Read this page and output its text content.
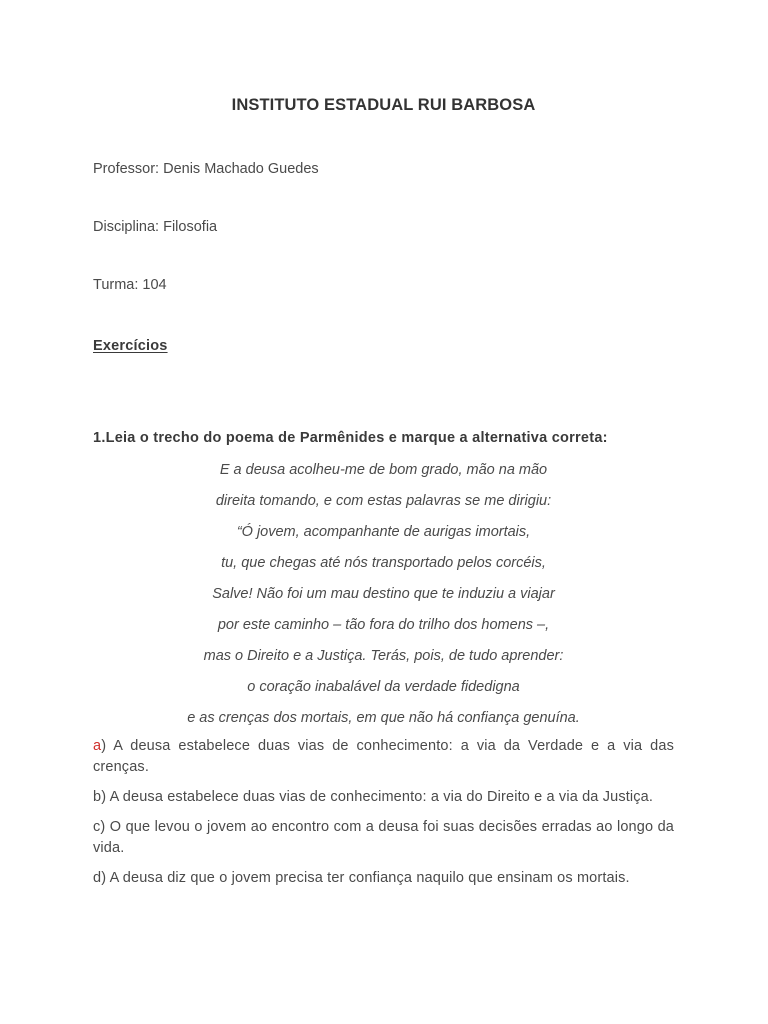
INSTITUTO ESTADUAL RUI BARBOSA
Professor: Denis Machado Guedes
Disciplina: Filosofia
Turma: 104
Exercícios
1.Leia o trecho do poema de Parmênides e marque a alternativa correta:
E a deusa acolheu-me de bom grado, mão na mão
direita tomando, e com estas palavras se me dirigiu:
“Ó jovem, acompanhante de aurigas imortais,
tu, que chegas até nós transportado pelos corcéis,
Salve! Não foi um mau destino que te induziu a viajar
por este caminho – tão fora do trilho dos homens –,
mas o Direito e a Justiça. Terás, pois, de tudo aprender:
o coração inabalável da verdade fidedigna
e as crenças dos mortais, em que não há confiança genuína.
a) A deusa estabelece duas vias de conhecimento: a via da Verdade e a via das crenças.
b) A deusa estabelece duas vias de conhecimento: a via do Direito e a via da Justiça.
c) O que levou o jovem ao encontro com a deusa foi suas decisões erradas ao longo da vida.
d) A deusa diz que o jovem precisa ter confiança naquilo que ensinam os mortais.
